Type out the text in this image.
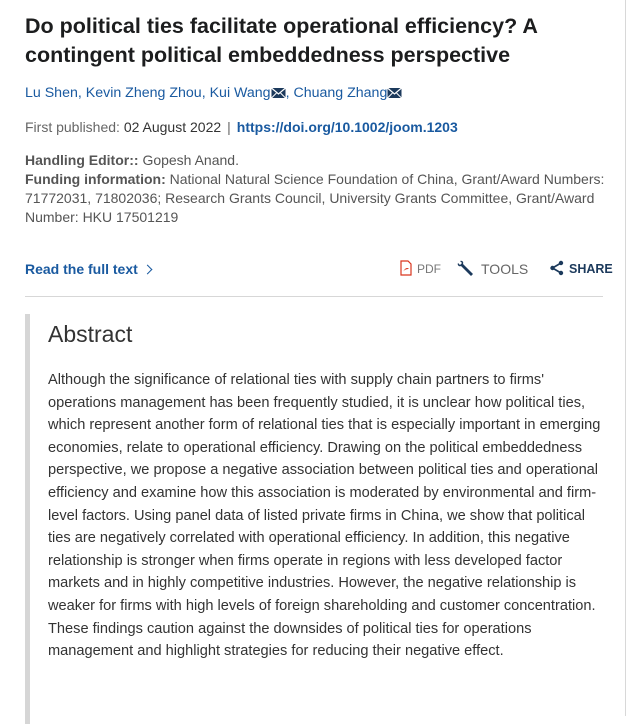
Do political ties facilitate operational efficiency? A contingent political embeddedness perspective
Lu Shen, Kevin Zheng Zhou, Kui Wang , Chuang Zhang
First published: 02 August 2022 | https://doi.org/10.1002/joom.1203
Handling Editor:: Gopesh Anand.
Funding information: National Natural Science Foundation of China, Grant/Award Numbers: 71772031, 71802036; Research Grants Council, University Grants Committee, Grant/Award Number: HKU 17501219
Read the full text	PDF	TOOLS	SHARE
Abstract

Although the significance of relational ties with supply chain partners to firms' operations management has been frequently studied, it is unclear how political ties, which represent another form of relational ties that is especially important in emerging economies, relate to operational efficiency. Drawing on the political embeddedness perspective, we propose a negative association between political ties and operational efficiency and examine how this association is moderated by environmental and firm-level factors. Using panel data of listed private firms in China, we show that political ties are negatively correlated with operational efficiency. In addition, this negative relationship is stronger when firms operate in regions with less developed factor markets and in highly competitive industries. However, the negative relationship is weaker for firms with high levels of foreign shareholding and customer concentration. These findings caution against the downsides of political ties for operations management and highlight strategies for reducing their negative effect.
